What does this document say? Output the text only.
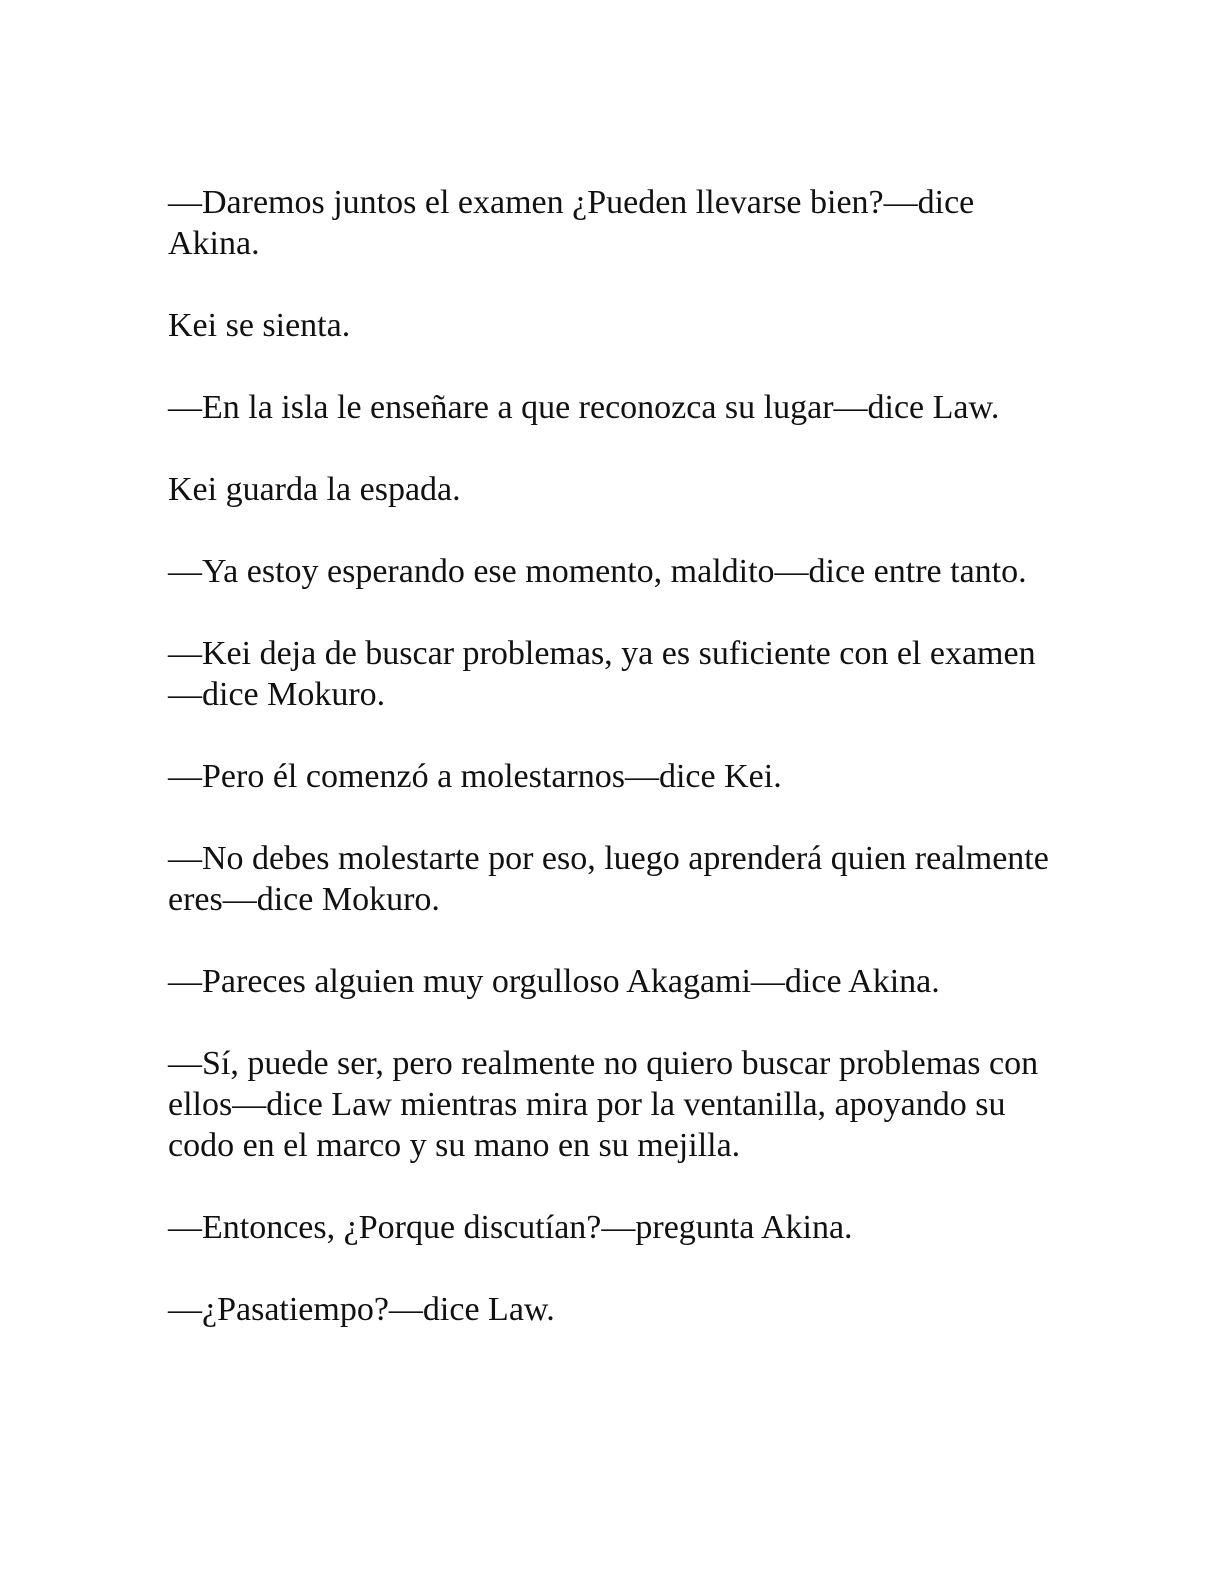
—Daremos juntos el examen ¿Pueden llevarse bien?—dice Akina.

Kei se sienta.

—En la isla le enseñare a que reconozca su lugar—dice Law.

Kei guarda la espada.

—Ya estoy esperando ese momento, maldito—dice entre tanto.

—Kei deja de buscar problemas, ya es suficiente con el examen—dice Mokuro.

—Pero él comenzó a molestarnos—dice Kei.

—No debes molestarte por eso, luego aprenderá quien realmente eres—dice Mokuro.

—Pareces alguien muy orgulloso Akagami—dice Akina.

—Sí, puede ser, pero realmente no quiero buscar problemas con ellos—dice Law mientras mira por la ventanilla, apoyando su codo en el marco y su mano en su mejilla.

—Entonces, ¿Porque discutían?—pregunta Akina.

—¿Pasatiempo?—dice Law.
